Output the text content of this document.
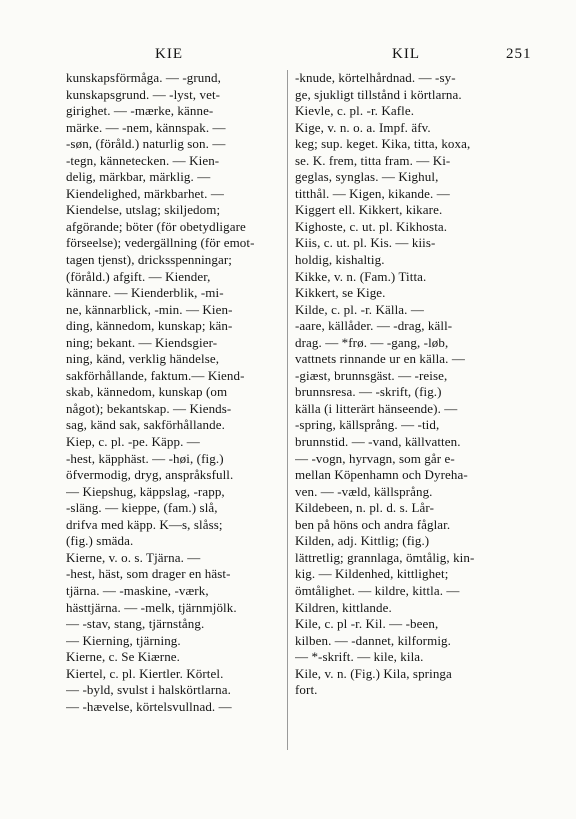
KIE	KIL	251
kunskapsförmåga. — -grund,
kunskapsgrund. — -lyst, vet-
girighet. — -mærke, känne-
märke. — -nem, kännspak. —
-søn, (föråld.) naturlig son. —
-tegn, kännetecken. — Kien-
delig, märkbar, märklig. —
Kiendelighed, märkbarhet. —
Kiendelse, utslag; skiljedom;
afgörande; böter (för obetydligare
förseelse); vedergällning (för emot-
tagen tjenst), dricksspenningar;
(föråld.) afgift. — Kiender,
kännare. — Kienderblik, -mi-
ne, kännarblick, -min. — Kien-
ding, kännedom, kunskap; kän-
ning; bekant. — Kiendsgier-
ning, känd, verklig händelse,
sakförhållande, faktum.— Kiend-
skab, kännedom, kunskap (om
något); bekantskap. — Kiends-
sag, känd sak, sakförhållande.
Kiep, c. pl. -pe. Käpp. —
-hest, käpphäst. — -høi, (fig.)
öfvermodig, dryg, anspråksfull.
— Kiepshug, käppslag, -rapp,
-släng. — kieppe, (fam.) slå,
drifva med käpp. K—s, slåss;
(fig.) smäda.
Kierne, v. o. s. Tjärna. —
-hest, häst, som drager en häst-
tjärna. — -maskine, -værk,
hästtjärna. — -melk, tjärnmjölk.
— -stav, stang, tjärnstång.
— Kierning, tjärning.
Kierne, c. Se Kiærne.
Kiertel, c. pl. Kiertler. Körtel.
— -byld, svulst i halskörtlarna.
— -hævelse, körtelsvullnad. —
-knude, körtelhårdnad. — -sy-
ge, sjukligt tillstånd i körtlarna.
Kievle, c. pl. -r. Kafle.
Kige, v. n. o. a. Impf. äfv.
keg; sup. keget. Kika, titta, koxa,
se. K. frem, titta fram. — Ki-
geglas, synglas. — Kighul,
titthål. — Kigen, kikande. —
Kiggert ell. Kikkert, kikare.
Kighoste, c. ut. pl. Kikhosta.
Kiis, c. ut. pl. Kis. — kiis-
holdig, kishaltig.
Kikke, v. n. (Fam.) Titta.
Kikkert, se Kige.
Kilde, c. pl. -r. Källa. —
-aare, källåder. — -drag, käll-
drag. — *frø. — -gang, -løb,
vattnets rinnande ur en källa. —
-giæst, brunnsgäst. — -reise,
brunnsresa. — -skrift, (fig.)
källa (i litterärt hänseende). —
-spring, källsprång. — -tid,
brunnstid. — -vand, källvatten.
— -vogn, hyrvagn, som går e-
mellan Köpenhamn och Dyreha-
ven. — -væld, källsprång.
Kildebeen, n. pl. d. s. Lår-
ben på höns och andra fåglar.
Kilden, adj. Kittlig; (fig.)
lättretlig; grannlaga, ömtålig, kin-
kig. — Kildenhed, kittlighet;
ömtålighet. — kildre, kittla. —
Kildren, kittlande.
Kile, c. pl -r. Kil. — -been,
kilben. — -dannet, kilformig.
— *-skrift. — kile, kila.
Kile, v. n. (Fig.) Kila, springa
fort.
